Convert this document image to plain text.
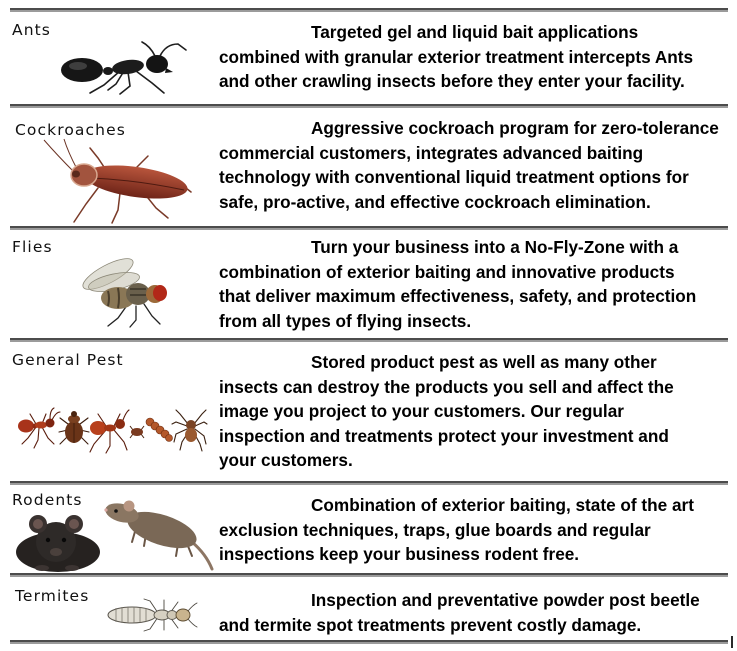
Ants	Targeted gel and liquid bait applications
combined with granular exterior treatment intercepts Ants
and other crawling insects before they enter your facility.
Cockroaches	Aggressive cockroach program for zero-tolerance
commercial customers, integrates advanced baiting
technology with conventional liquid treatment options for
safe, pro-active, and effective cockroach elimination.
Flies	Turn your business into a No-Fly-Zone with a
combination of exterior baiting and innovative products
that deliver maximum effectiveness, safety, and protection
from all types of flying insects.
General Pest	Stored product pest as well as many other
insects can destroy the products you sell and affect the
image you project to your customers. Our regular
inspection and treatments protect your investment and
your customers.
Rodents	Combination of exterior baiting, state of the art
exclusion techniques, traps, glue boards and regular
inspections keep your business rodent free.
Termites	Inspection and preventative powder post beetle
and termite spot treatments prevent costly damage.
